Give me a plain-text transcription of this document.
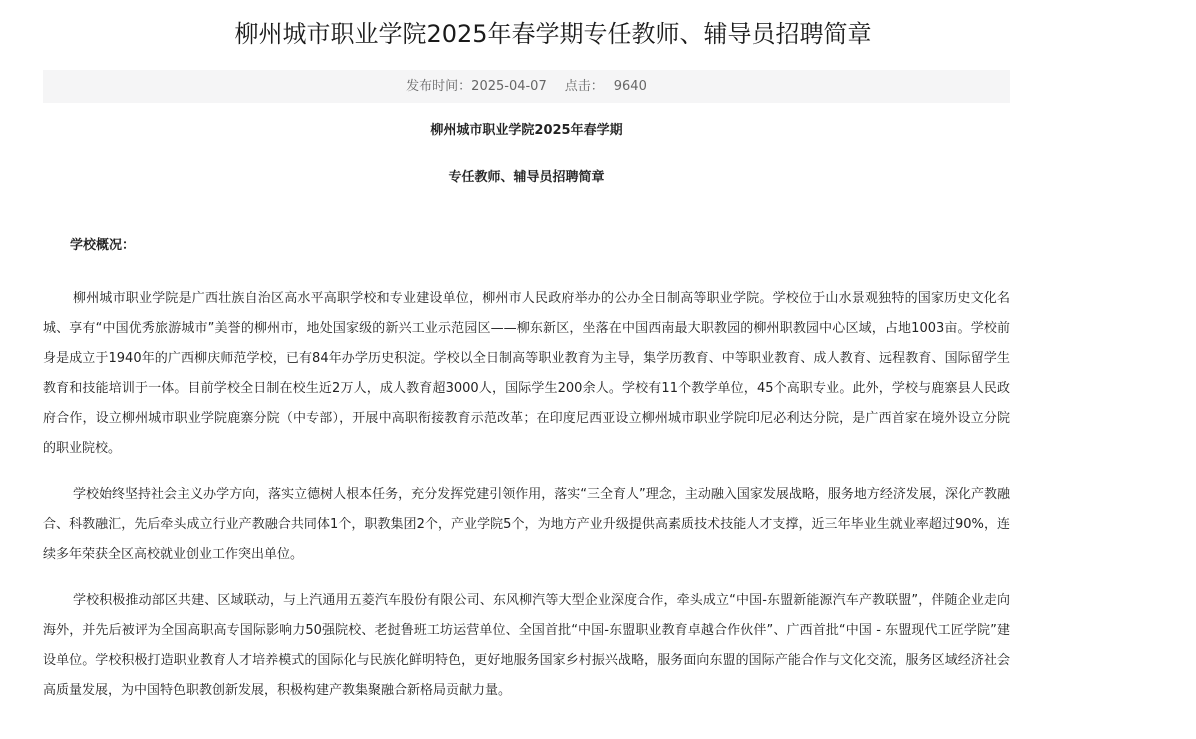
柳州城市职业学院2025年春学期专任教师、辅导员招聘简章
发布时间：2025-04-07 点击： 9640

柳州城市职业学院2025年春学期

专任教师、辅导员招聘简章

学校概况：

柳州城市职业学院是广西壮族自治区高水平高职学校和专业建设单位，柳州市人民政府举办的公办全日制高等职业学院。学校位于山水景观独特的国家历史文化名城、享有“中国优秀旅游城市”美誉的柳州市，地处国家级的新兴工业示范园区——柳东新区，坐落在中国西南最大职教园的柳州职教园中心区域，占地1003亩。学校前身是成立于1940年的广西柳庆师范学校，已有84年办学历史积淀。学校以全日制高等职业教育为主导，集学历教育、中等职业教育、成人教育、远程教育、国际留学生教育和技能培训于一体。目前学校全日制在校生近2万人，成人教育超3000人，国际学生200余人。学校有11个教学单位，45个高职专业。此外，学校与鹿寨县人民政府合作，设立柳州城市职业学院鹿寨分院（中专部），开展中高职衔接教育示范改革；在印度尼西亚设立柳州城市职业学院印尼必利达分院，是广西首家在境外设立分院的职业院校。

学校始终坚持社会主义办学方向，落实立德树人根本任务，充分发挥党建引领作用，落实“三全育人”理念，主动融入国家发展战略，服务地方经济发展，深化产教融合、科教融汇，先后牵头成立行业产教融合共同体1个，职教集团2个，产业学院5个，为地方产业升级提供高素质技术技能人才支撑，近三年毕业生就业率超过90%，连续多年荣获全区高校就业创业工作突出单位。

学校积极推动部区共建、区域联动，与上汽通用五菱汽车股份有限公司、东风柳汽等大型企业深度合作，牵头成立“中国-东盟新能源汽车产教联盟”，伴随企业走向海外，并先后被评为全国高职高专国际影响力50强院校、老挝鲁班工坊运营单位、全国首批“中国-东盟职业教育卓越合作伙伴”、广西首批“中国 - 东盟现代工匠学院”建设单位。学校积极打造职业教育人才培养模式的国际化与民族化鲜明特色，更好地服务国家乡村振兴战略，服务面向东盟的国际产能合作与文化交流，服务区域经济社会高质量发展，为中国特色职教创新发展，积极构建产教集聚融合新格局贡献力量。
